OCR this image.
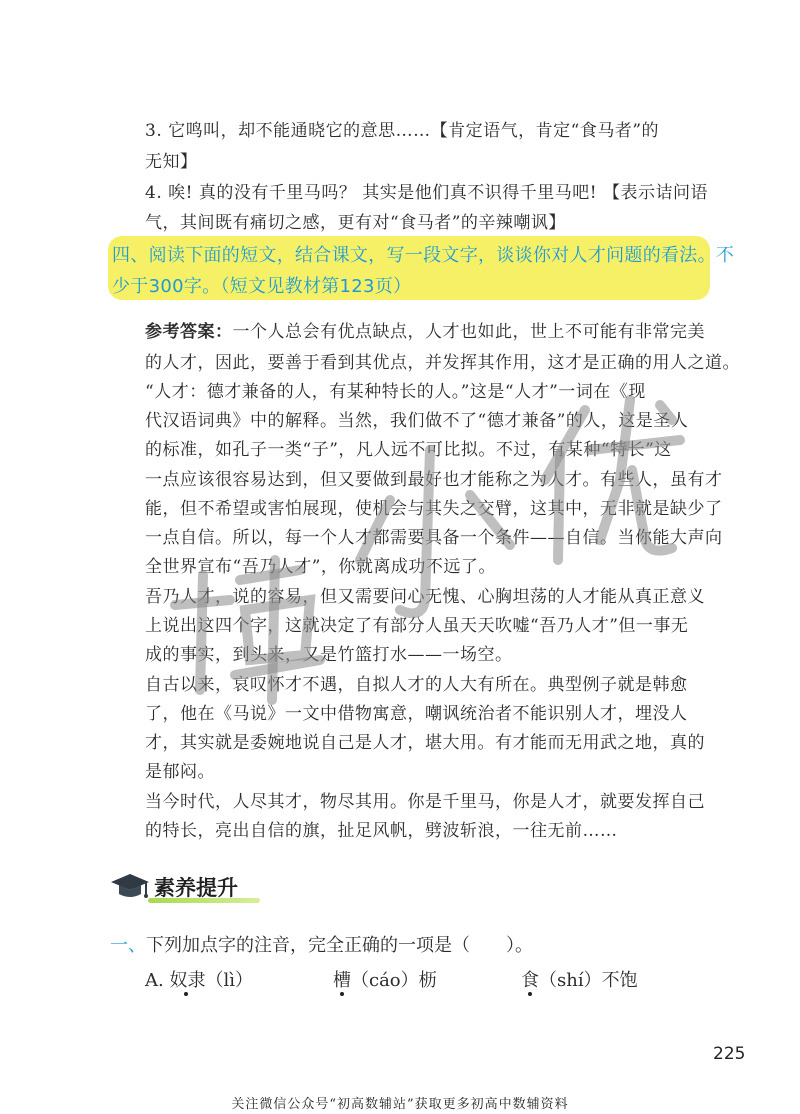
3. 它鸣叫，却不能通晓它的意思……【肯定语气，肯定“食马者”的
无知】
4. 唉! 真的没有千里马吗？ 其实是他们真不识得千里马吧! 【表示诘问语
气，其间既有痛切之感，更有对“食马者”的辛辣嘲讽】
四、阅读下面的短文，结合课文，写一段文字，谈谈你对人才问题的看法。不
少于300字。（短文见教材第123页）
参考答案：一个人总会有优点缺点，人才也如此，世上不可能有非常完美
的人才，因此，要善于看到其优点，并发挥其作用，这才是正确的用人之道。
“人才：德才兼备的人，有某种特长的人。”这是“人才”一词在《现
代汉语词典》中的解释。当然，我们做不了“德才兼备”的人，这是圣人
的标准，如孔子一类“子”，凡人远不可比拟。不过，有某种“特长”这
一点应该很容易达到，但又要做到最好也才能称之为人才。有些人，虽有才
能，但不希望或害怕展现，使机会与其失之交臂，这其中，无非就是缺少了
一点自信。所以，每一个人才都需要具备一个条件——自信。当你能大声向
全世界宣布“吾乃人才”，你就离成功不远了。
吾乃人才，说的容易，但又需要问心无愧、心胸坦荡的人才能从真正意义
上说出这四个字，这就决定了有部分人虽天天吹嘘“吾乃人才”但一事无
成的事实，到头来，又是竹篮打水——一场空。
自古以来，哀叹怀才不遇，自拟人才的人大有所在。典型例子就是韩愈
了，他在《马说》一文中借物寓意，嘲讽统治者不能识别人才，埋没人
才，其实就是委婉地说自己是人才，堪大用。有才能而无用武之地，真的
是郁闷。
当今时代，人尽其才，物尽其用。你是千里马，你是人才，就要发挥自己
的特长，亮出自信的旗，扯足风帆，劈波斩浪，一往无前……
素养提升
一、下列加点字的注音，完全正确的一项是（　　）。
A. 奴隶（lì）	槽（cáo）枥	食（shí）不饱
225
关注微信公众号“初高数辅站”获取更多初高中数辅资料
